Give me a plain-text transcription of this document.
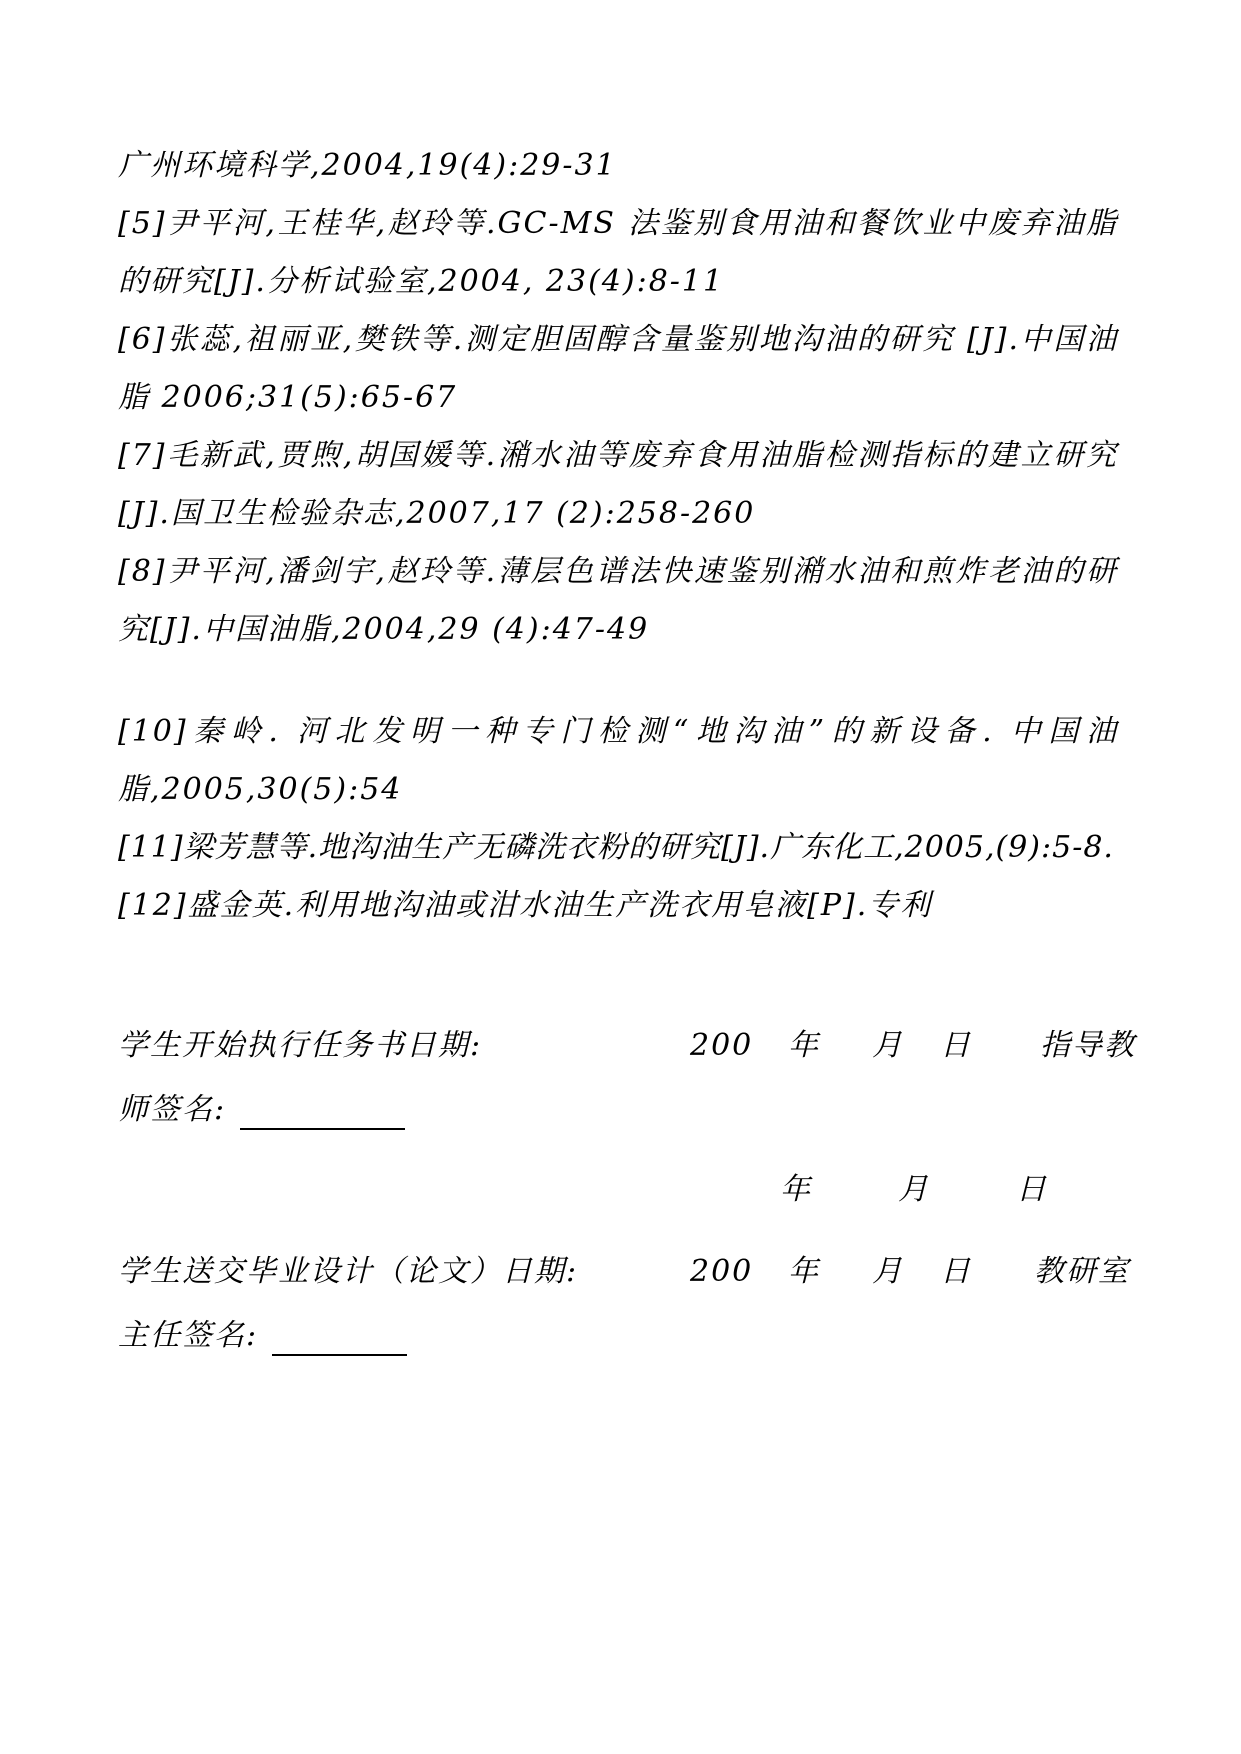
广州环境科学,2004,19(4):29-31
[5]尹平河,王桂华,赵玲等.GC-MS 法鉴别食用油和餐饮业中废弃油脂
的研究[J].分析试验室,2004, 23(4):8-11
[6]张蕊,祖丽亚,樊铁等.测定胆固醇含量鉴别地沟油的研究 [J].中国油
脂 2006;31(5):65-67
[7]毛新武,贾煦,胡国媛等.潲水油等废弃食用油脂检测指标的建立研究
[J].国卫生检验杂志,2007,17 (2):258-260
[8]尹平河,潘剑宇,赵玲等.薄层色谱法快速鉴别潲水油和煎炸老油的研
究[J].中国油脂,2004,29 (4):47-49
[10]秦岭. 河北发明一种专门检测“地沟油”的新设备. 中国油
脂,2005,30(5):54
[11]梁芳慧等.地沟油生产无磷洗衣粉的研究[J].广东化工,2005,(9):5-8.
[12]盛金英.利用地沟油或泔水油生产洗衣用皂液[P].专利
学生开始执行任务书日期:	200 年 月 日 指导教
师签名:
年	月	日
学生送交毕业设计（论文）日期:	200 年 月 日 教研室
主任签名:
